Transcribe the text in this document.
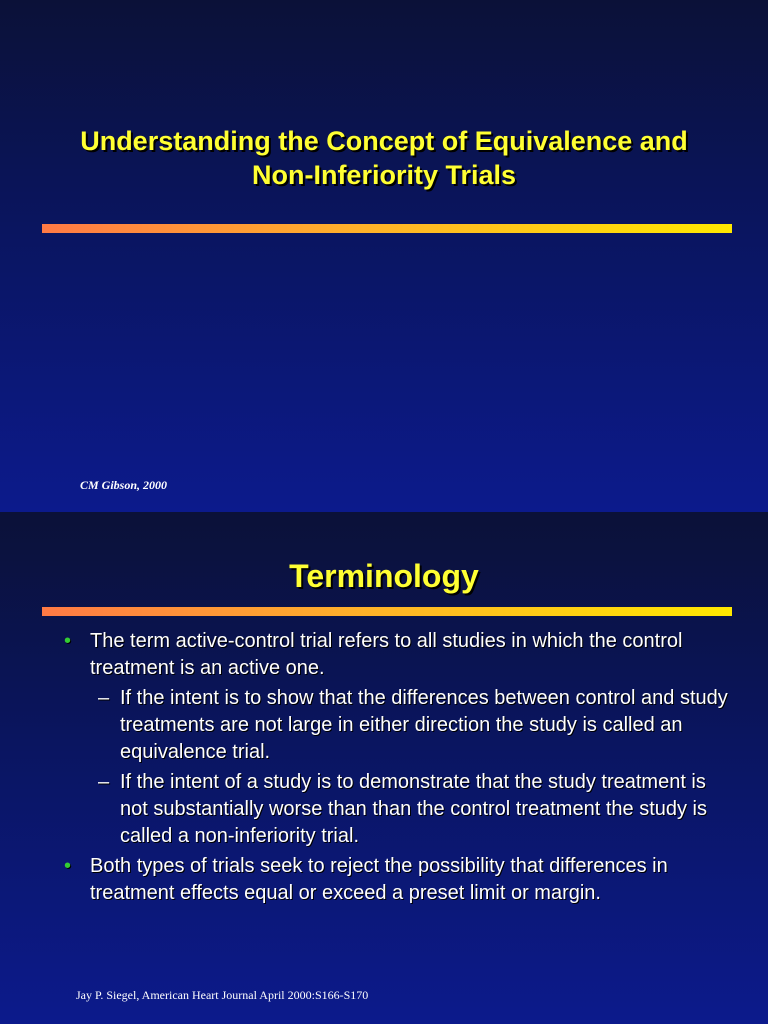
Understanding the Concept of Equivalence and
Non-Inferiority Trials
CM Gibson, 2000
Terminology
• The term active-control trial refers to all studies in which the control treatment is an active one.
– If the intent is to show that the differences between control and study treatments are not large in either direction the study is called an equivalence trial.
– If the intent of a study is to demonstrate that the study treatment is not substantially worse than than the control treatment the study is called a non-inferiority trial.
• Both types of trials seek to reject the possibility that differences in treatment effects equal or exceed a preset limit or margin.
Jay P. Siegel, American Heart Journal April 2000:S166-S170
